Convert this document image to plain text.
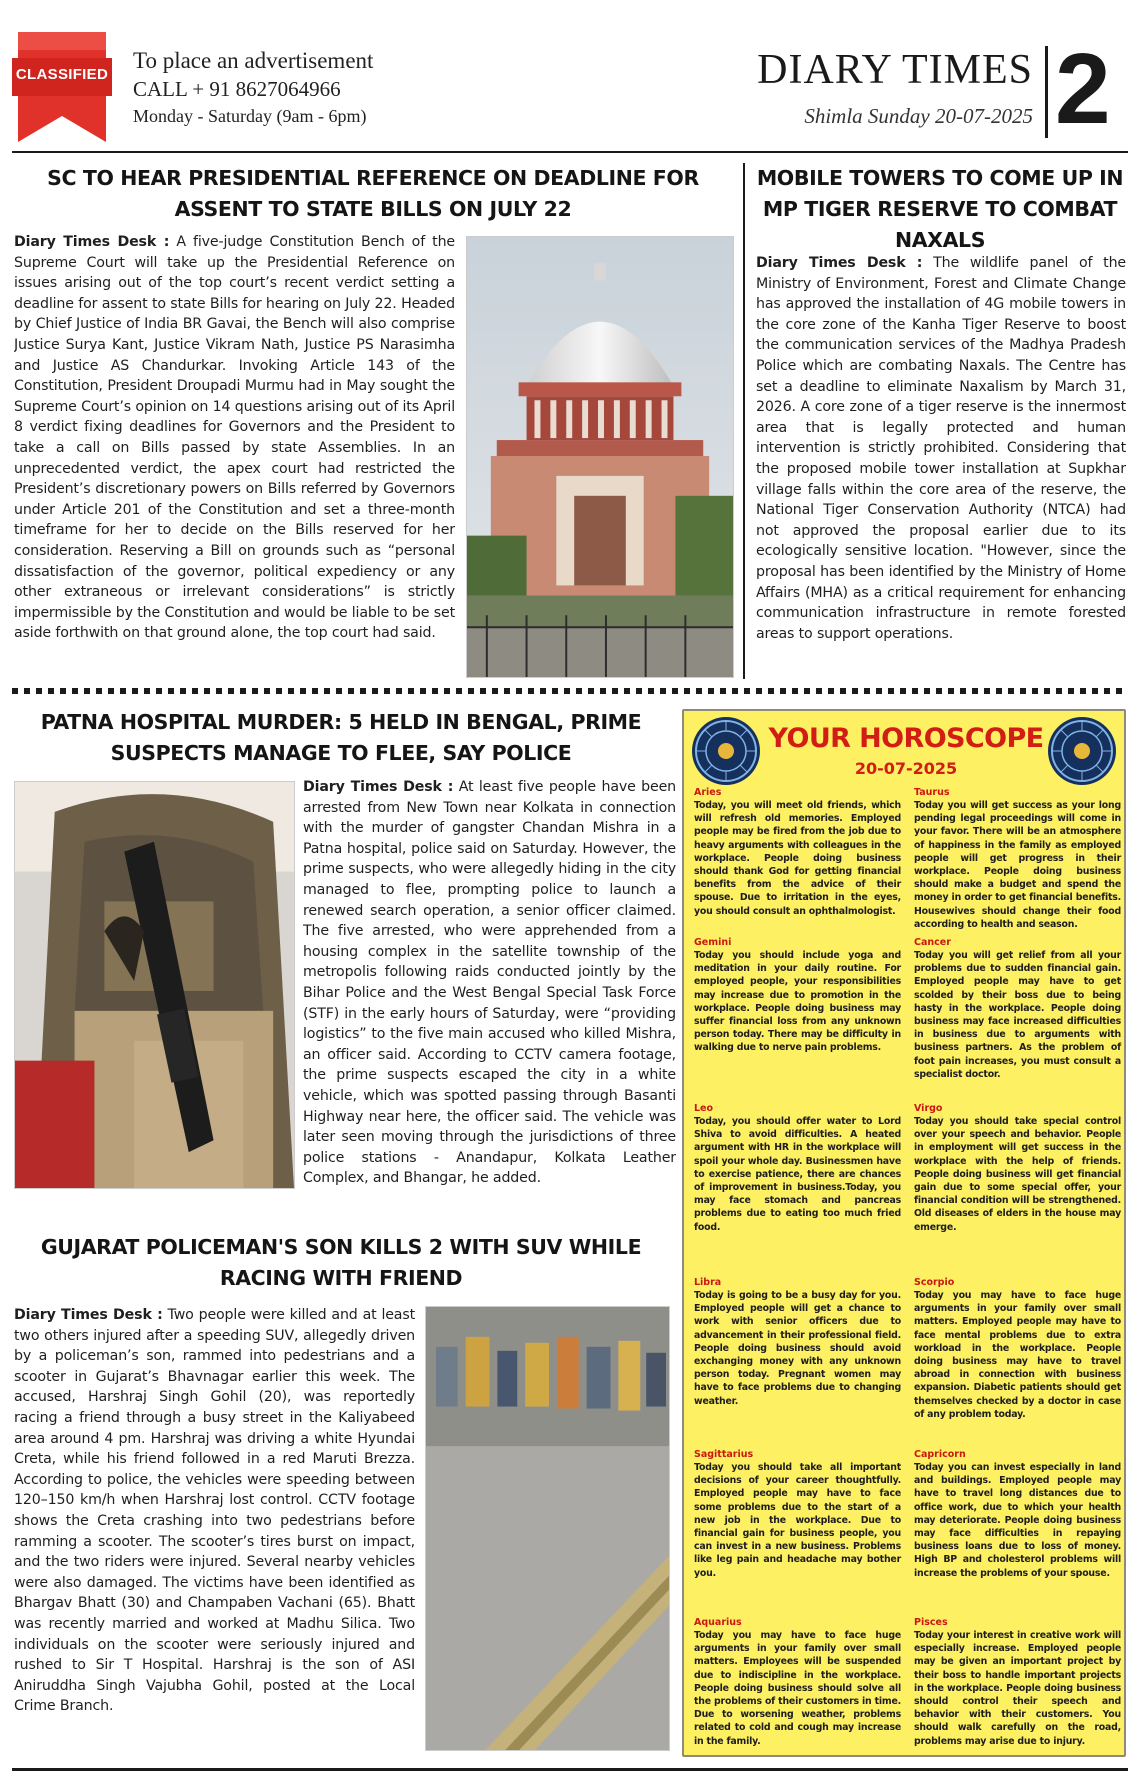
CLASSIFIED
To place an advertisement
CALL + 91 8627064966
Monday - Saturday (9am - 6pm)
DIARY TIMES
Shimla Sunday 20-07-2025 2
SC TO HEAR PRESIDENTIAL REFERENCE ON DEADLINE FOR ASSENT TO STATE BILLS ON JULY 22
Diary Times Desk : A five-judge Constitution Bench of the Supreme Court will take up the Presidential Reference on issues arising out of the top court’s recent verdict setting a deadline for assent to state Bills for hearing on July 22. Headed by Chief Justice of India BR Gavai, the Bench will also comprise Justice Surya Kant, Justice Vikram Nath, Justice PS Narasimha and Justice AS Chandurkar. Invoking Article 143 of the Constitution, President Droupadi Murmu had in May sought the Supreme Court’s opinion on 14 questions arising out of its April 8 verdict fixing deadlines for Governors and the President to take a call on Bills passed by state Assemblies. In an unprecedented verdict, the apex court had restricted the President’s discretionary powers on Bills referred by Governors under Article 201 of the Constitution and set a three-month timeframe for her to decide on the Bills reserved for her consideration. Reserving a Bill on grounds such as “personal dissatisfaction of the governor, political expediency or any other extraneous or irrelevant considerations” is strictly impermissible by the Constitution and would be liable to be set aside forthwith on that ground alone, the top court had said.
MOBILE TOWERS TO COME UP IN MP TIGER RESERVE TO COMBAT NAXALS
Diary Times Desk : The wildlife panel of the Ministry of Environment, Forest and Climate Change has approved the installation of 4G mobile towers in the core zone of the Kanha Tiger Reserve to boost the communication services of the Madhya Pradesh Police which are combating Naxals. The Centre has set a deadline to eliminate Naxalism by March 31, 2026. A core zone of a tiger reserve is the innermost area that is legally protected and human intervention is strictly prohibited. Considering that the proposed mobile tower installation at Supkhar village falls within the core area of the reserve, the National Tiger Conservation Authority (NTCA) had not approved the proposal earlier due to its ecologically sensitive location. "However, since the proposal has been identified by the Ministry of Home Affairs (MHA) as a critical requirement for enhancing communication infrastructure in remote forested areas to support operations.
PATNA HOSPITAL MURDER: 5 HELD IN BENGAL, PRIME SUSPECTS MANAGE TO FLEE, SAY POLICE
Diary Times Desk : At least five people have been arrested from New Town near Kolkata in connection with the murder of gangster Chandan Mishra in a Patna hospital, police said on Saturday. However, the prime suspects, who were allegedly hiding in the city managed to flee, prompting police to launch a renewed search operation, a senior officer claimed. The five arrested, who were apprehended from a housing complex in the satellite township of the metropolis following raids conducted jointly by the Bihar Police and the West Bengal Special Task Force (STF) in the early hours of Saturday, were “providing logistics” to the five main accused who killed Mishra, an officer said. According to CCTV camera footage, the prime suspects escaped the city in a white vehicle, which was spotted passing through Basanti Highway near here, the officer said. The vehicle was later seen moving through the jurisdictions of three police stations - Anandapur, Kolkata Leather Complex, and Bhangar, he added.
GUJARAT POLICEMAN'S SON KILLS 2 WITH SUV WHILE RACING WITH FRIEND
Diary Times Desk : Two people were killed and at least two others injured after a speeding SUV, allegedly driven by a policeman’s son, rammed into pedestrians and a scooter in Gujarat’s Bhavnagar earlier this week. The accused, Harshraj Singh Gohil (20), was reportedly racing a friend through a busy street in the Kaliyabeed area around 4 pm. Harshraj was driving a white Hyundai Creta, while his friend followed in a red Maruti Brezza. According to police, the vehicles were speeding between 120–150 km/h when Harshraj lost control. CCTV footage shows the Creta crashing into two pedestrians before ramming a scooter. The scooter’s tires burst on impact, and the two riders were injured. Several nearby vehicles were also damaged. The victims have been identified as Bhargav Bhatt (30) and Champaben Vachani (65). Bhatt was recently married and worked at Madhu Silica. Two individuals on the scooter were seriously injured and rushed to Sir T Hospital. Harshraj is the son of ASI Aniruddha Singh Vajubha Gohil, posted at the Local Crime Branch.
YOUR HOROSCOPE
20-07-2025
Aries
Today, you will meet old friends, which will refresh old memories. Employed people may be fired from the job due to heavy arguments with colleagues in the workplace. People doing business should thank God for getting financial benefits from the advice of their spouse. Due to irritation in the eyes, you should consult an ophthalmologist.
Taurus
Today you will get success as your long pending legal proceedings will come in your favor. There will be an atmosphere of happiness in the family as employed people will get progress in their workplace. People doing business should make a budget and spend the money in order to get financial benefits. Housewives should change their food according to health and season.
Gemini
Today you should include yoga and meditation in your daily routine. For employed people, your responsibilities may increase due to promotion in the workplace. People doing business may suffer financial loss from any unknown person today. There may be difficulty in walking due to nerve pain problems.
Cancer
Today you will get relief from all your problems due to sudden financial gain. Employed people may have to get scolded by their boss due to being hasty in the workplace. People doing business may face increased difficulties in business due to arguments with business partners. As the problem of foot pain increases, you must consult a specialist doctor.
Leo
Today, you should offer water to Lord Shiva to avoid difficulties. A heated argument with HR in the workplace will spoil your whole day. Businessmen have to exercise patience, there are chances of improvement in business.Today, you may face stomach and pancreas problems due to eating too much fried food.
Virgo
Today you should take special control over your speech and behavior. People in employment will get success in the workplace with the help of friends. People doing business will get financial gain due to some special offer, your financial condition will be strengthened. Old diseases of elders in the house may emerge.
Libra
Today is going to be a busy day for you. Employed people will get a chance to work with senior officers due to advancement in their professional field. People doing business should avoid exchanging money with any unknown person today. Pregnant women may have to face problems due to changing weather.
Scorpio
Today you may have to face huge arguments in your family over small matters. Employed people may have to face mental problems due to extra workload in the workplace. People doing business may have to travel abroad in connection with business expansion. Diabetic patients should get themselves checked by a doctor in case of any problem today.
Sagittarius
Today you should take all important decisions of your career thoughtfully. Employed people may have to face some problems due to the start of a new job in the workplace. Due to financial gain for business people, you can invest in a new business. Problems like leg pain and headache may bother you.
Capricorn
Today you can invest especially in land and buildings. Employed people may have to travel long distances due to office work, due to which your health may deteriorate. People doing business may face difficulties in repaying business loans due to loss of money. High BP and cholesterol problems will increase the problems of your spouse.
Aquarius
Today you may have to face huge arguments in your family over small matters. Employees will be suspended due to indiscipline in the workplace. People doing business should solve all the problems of their customers in time. Due to worsening weather, problems related to cold and cough may increase in the family.
Pisces
Today your interest in creative work will especially increase. Employed people may be given an important project by their boss to handle important projects in the workplace. People doing business should control their speech and behavior with their customers. You should walk carefully on the road, problems may arise due to injury.
